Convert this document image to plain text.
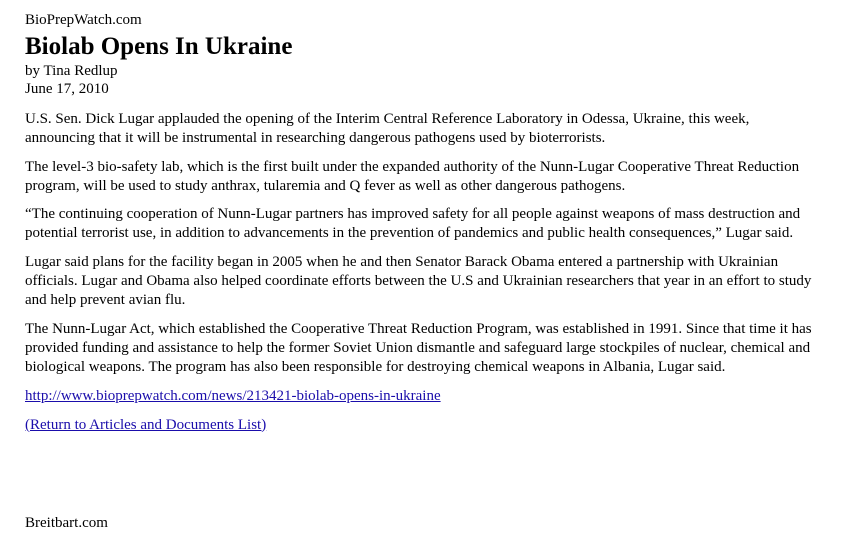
BioPrepWatch.com
Biolab Opens In Ukraine
by Tina Redlup
June 17, 2010

U.S. Sen. Dick Lugar applauded the opening of the Interim Central Reference Laboratory in Odessa, Ukraine, this week, announcing that it will be instrumental in researching dangerous pathogens used by bioterrorists.

The level-3 bio-safety lab, which is the first built under the expanded authority of the Nunn-Lugar Cooperative Threat Reduction program, will be used to study anthrax, tularemia and Q fever as well as other dangerous pathogens.

“The continuing cooperation of Nunn-Lugar partners has improved safety for all people against weapons of mass destruction and potential terrorist use, in addition to advancements in the prevention of pandemics and public health consequences,” Lugar said.

Lugar said plans for the facility began in 2005 when he and then Senator Barack Obama entered a partnership with Ukrainian officials. Lugar and Obama also helped coordinate efforts between the U.S and Ukrainian researchers that year in an effort to study and help prevent avian flu.

The Nunn-Lugar Act, which established the Cooperative Threat Reduction Program, was established in 1991. Since that time it has provided funding and assistance to help the former Soviet Union dismantle and safeguard large stockpiles of nuclear, chemical and biological weapons. The program has also been responsible for destroying chemical weapons in Albania, Lugar said.

http://www.bioprepwatch.com/news/213421-biolab-opens-in-ukraine
(Return to Articles and Documents List)
Breitbart.com
